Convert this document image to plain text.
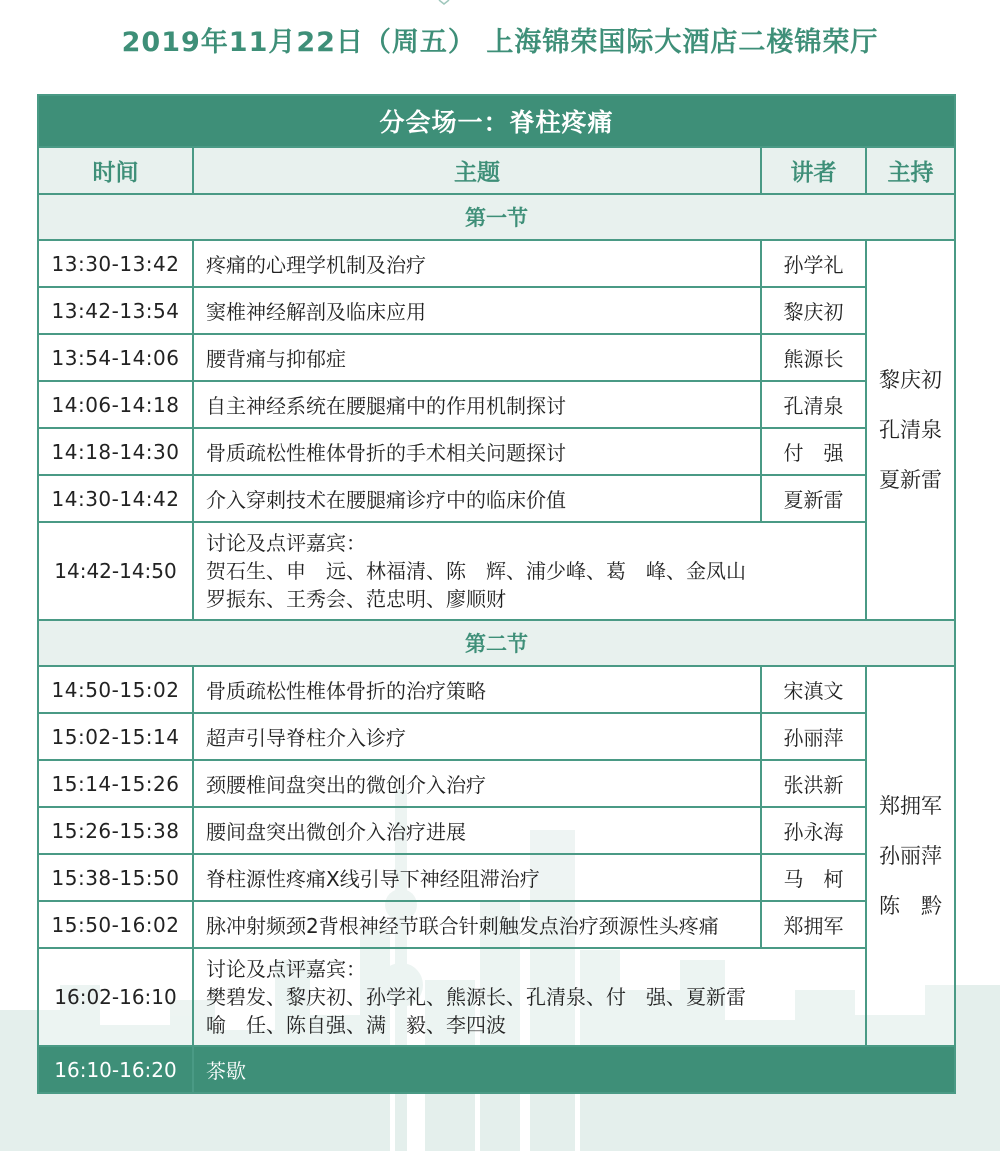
2019年11月22日（周五） 上海锦荣国际大酒店二楼锦荣厅
分会场一：脊柱疼痛			
时间	主题	讲者	主持
第一节			
13:30-13:42	疼痛的心理学机制及治疗	孙学礼	黎庆初
孔清泉
夏新雷

13:42-13:54	窦椎神经解剖及临床应用	黎庆初	
13:54-14:06	腰背痛与抑郁症	熊源长	
14:06-14:18	自主神经系统在腰腿痛中的作用机制探讨	孔清泉	
14:18-14:30	骨质疏松性椎体骨折的手术相关问题探讨	付　强	
14:30-14:42	介入穿刺技术在腰腿痛诊疗中的临床价值	夏新雷	
14:42-14:50	讨论及点评嘉宾：
贺石生、申　远、林福清、陈　辉、浦少峰、葛　峰、金凤山
罗振东、王秀会、范忠明、廖顺财		

第二节			
14:50-15:02	骨质疏松性椎体骨折的治疗策略	宋滇文	郑拥军
孙丽萍
陈　黔

15:02-15:14	超声引导脊柱介入诊疗	孙丽萍	
15:14-15:26	颈腰椎间盘突出的微创介入治疗	张洪新	
15:26-15:38	腰间盘突出微创介入治疗进展	孙永海	
15:38-15:50	脊柱源性疼痛X线引导下神经阻滞治疗	马　柯	
15:50-16:02	脉冲射频颈2背根神经节联合针刺触发点治疗颈源性头疼痛	郑拥军	
16:02-16:10	讨论及点评嘉宾：
樊碧发、黎庆初、孙学礼、熊源长、孔清泉、付　强、夏新雷
喻　任、陈自强、满　毅、李四波		

16:10-16:20	茶歇		
